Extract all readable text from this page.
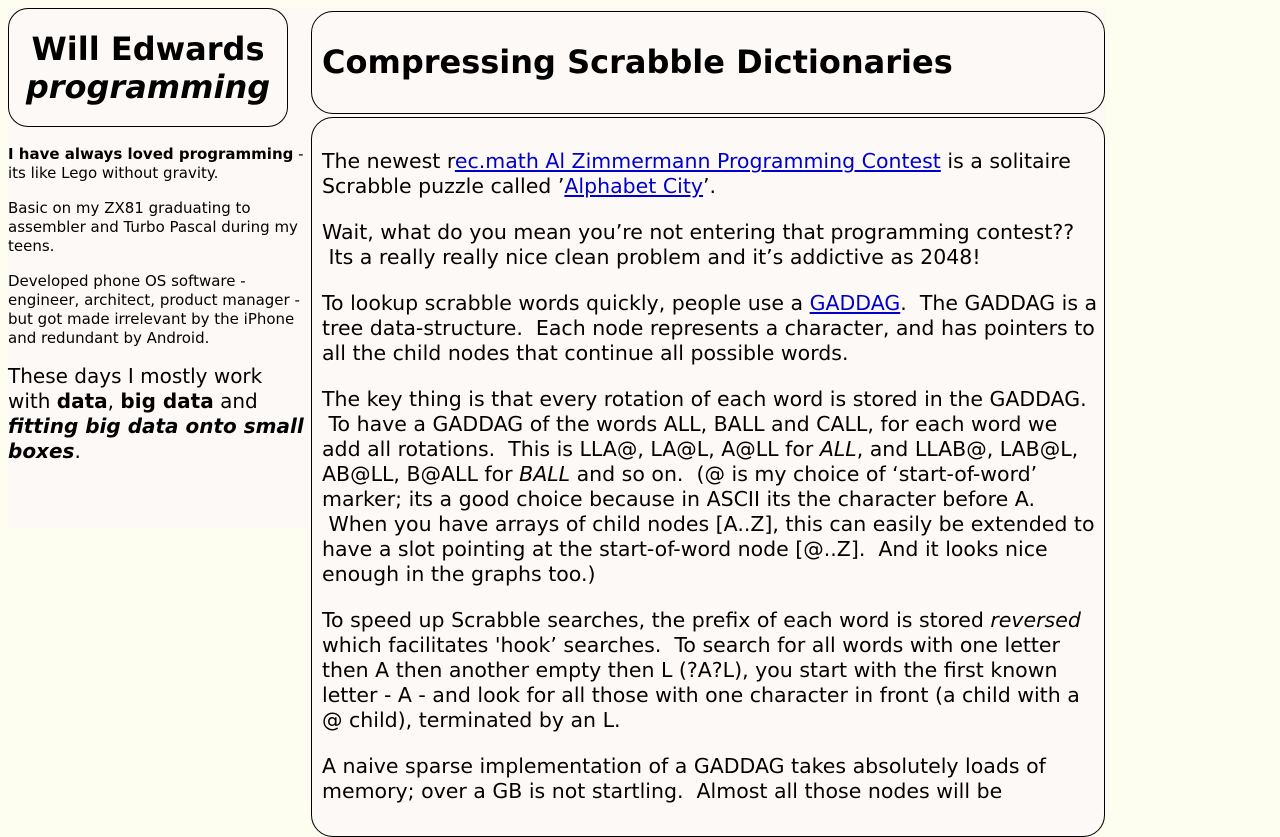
Will Edwards
programming

I have always loved programming - its like Lego without gravity.

Basic on my ZX81 graduating to assembler and Turbo Pascal during my teens.

Developed phone OS software - engineer, architect, product manager - but got made irrelevant by the iPhone and redundant by Android.

These days I mostly work with data, big data and fitting big data onto small boxes.

Compressing Scrabble Dictionaries

The newest rec.math Al Zimmermann Programming Contest is a solitaire Scrabble puzzle called ’Alphabet City’.

Wait, what do you mean you’re not entering that programming contest??  Its a really really nice clean problem and it’s addictive as 2048!

To lookup scrabble words quickly, people use a GADDAG.  The GADDAG is a tree data-structure.  Each node represents a character, and has pointers to all the child nodes that continue all possible words.

The key thing is that every rotation of each word is stored in the GADDAG.  To have a GADDAG of the words ALL, BALL and CALL, for each word we add all rotations.  This is LLA@, LA@L, A@LL for ALL, and LLAB@, LAB@L, AB@LL, B@ALL for BALL and so on.  (@ is my choice of ‘start-of-word’ marker; its a good choice because in ASCII its the character before A.  When you have arrays of child nodes [A..Z], this can easily be extended to have a slot pointing at the start-of-word node [@..Z].  And it looks nice enough in the graphs too.)

To speed up Scrabble searches, the prefix of each word is stored reversed which facilitates 'hook’ searches.  To search for all words with one letter then A then another empty then L (?A?L), you start with the first known letter - A - and look for all those with one character in front (a child with a @ child), terminated by an L.

A naive sparse implementation of a GADDAG takes absolutely loads of memory; over a GB is not startling.  Almost all those nodes will be
